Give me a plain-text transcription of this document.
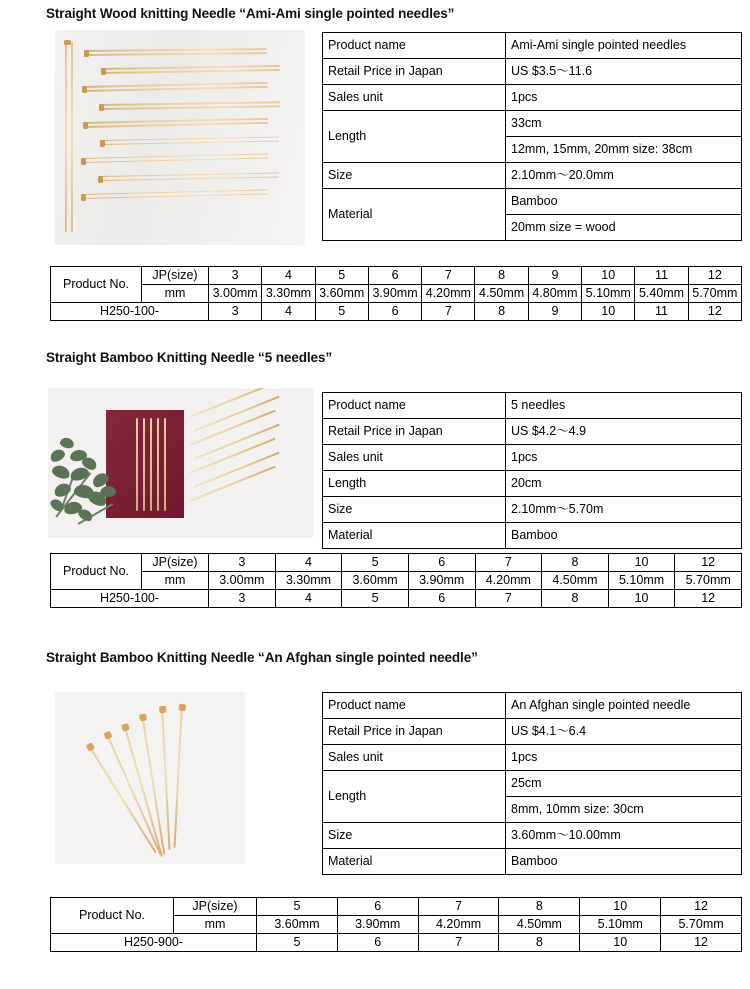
Straight Wood knitting Needle “Ami-Ami single pointed needles”
Product name	Ami-Ami single pointed needles
Retail Price in Japan	US $3.5～11.6
Sales unit	1pcs
Length	33cm
	12mm, 15mm, 20mm size: 38cm
Size	2.10mm～20.0mm
Material	Bamboo
	20mm size = wood
Product No.	JP(size)	3	4	5	6	7	8	9	10	11	12
	mm	3.00mm	3.30mm	3.60mm	3.90mm	4.20mm	4.50mm	4.80mm	5.10mm	5.40mm	5.70mm
H250-100-		3	4	5	6	7	8	9	10	11	12
Straight Bamboo Knitting Needle “5 needles”
Product name	5 needles
Retail Price in Japan	US $4.2～4.9
Sales unit	1pcs
Length	20cm
Size	2.10mm～5.70m
Material	Bamboo
Product No.	JP(size)	3	4	5	6	7	8	10	12
	mm	3.00mm	3.30mm	3.60mm	3.90mm	4.20mm	4.50mm	5.10mm	5.70mm
H250-100-		3	4	5	6	7	8	10	12
Straight Bamboo Knitting Needle “An Afghan single pointed needle”
Product name	An Afghan single pointed needle
Retail Price in Japan	US $4.1～6.4
Sales unit	1pcs
Length	25cm
	8mm, 10mm size: 30cm
Size	3.60mm～10.00mm
Material	Bamboo
Product No.	JP(size)	5	6	7	8	10	12
	mm	3.60mm	3.90mm	4.20mm	4.50mm	5.10mm	5.70mm
H250-900-		5	6	7	8	10	12
